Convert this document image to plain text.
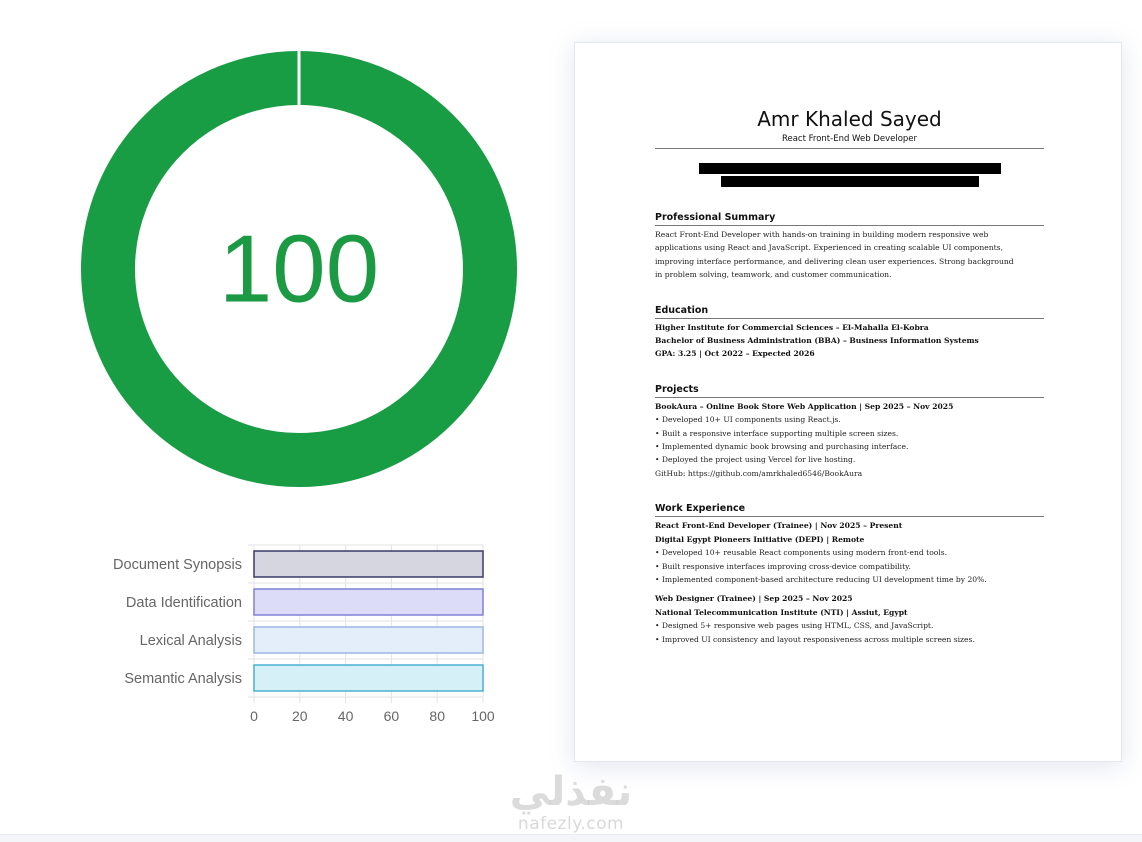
100
0 20 40 60 80 100
Document Synopsis
Data Identification
Lexical Analysis
Semantic Analysis
Amr Khaled Sayed
React Front-End Web Developer
Professional Summary
React Front-End Developer with hands-on training in building modern responsive web
applications using React and JavaScript. Experienced in creating scalable UI components,
improving interface performance, and delivering clean user experiences. Strong background
in problem solving, teamwork, and customer communication.
Education
Higher Institute for Commercial Sciences – El-Mahalla El-Kobra
Bachelor of Business Administration (BBA) – Business Information Systems
GPA: 3.25 | Oct 2022 – Expected 2026
Projects
BookAura – Online Book Store Web Application | Sep 2025 – Nov 2025
• Developed 10+ UI components using React.js.
• Built a responsive interface supporting multiple screen sizes.
• Implemented dynamic book browsing and purchasing interface.
• Deployed the project using Vercel for live hosting.
GitHub: https://github.com/amrkhaled6546/BookAura
Work Experience
React Front-End Developer (Trainee) | Nov 2025 – Present
Digital Egypt Pioneers Initiative (DEPI) | Remote
• Developed 10+ reusable React components using modern front-end tools.
• Built responsive interfaces improving cross-device compatibility.
• Implemented component-based architecture reducing UI development time by 20%.
Web Designer (Trainee) | Sep 2025 – Nov 2025
National Telecommunication Institute (NTI) | Assiut, Egypt
• Designed 5+ responsive web pages using HTML, CSS, and JavaScript.
• Improved UI consistency and layout responsiveness across multiple screen sizes.
نفذلي
nafezly.com
